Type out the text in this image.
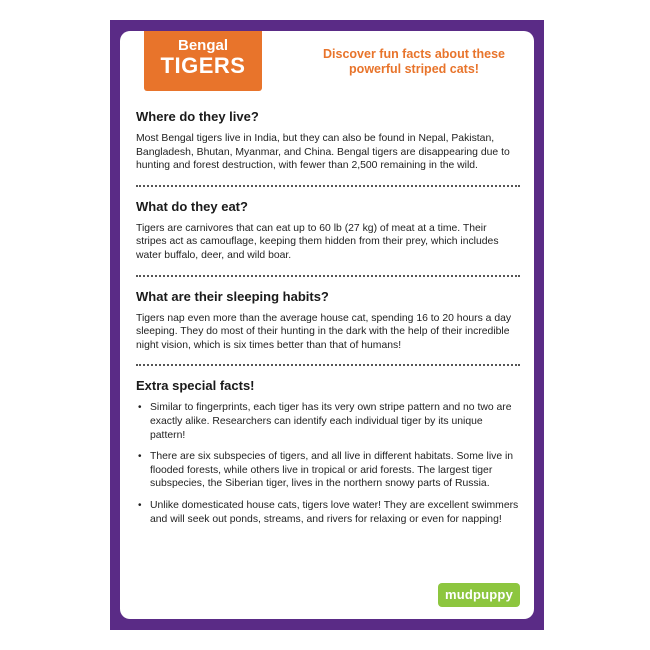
Bengal
TIGERS	Discover fun facts about these powerful striped cats!
Where do they live?

Most Bengal tigers live in India, but they can also be found in Nepal, Pakistan, Bangladesh, Bhutan, Myanmar, and China. Bengal tigers are disappearing due to hunting and forest destruction, with fewer than 2,500 remaining in the wild.

What do they eat?

Tigers are carnivores that can eat up to 60 lb (27 kg) of meat at a time. Their stripes act as camouflage, keeping them hidden from their prey, which includes water buffalo, deer, and wild boar.

What are their sleeping habits?

Tigers nap even more than the average house cat, spending 16 to 20 hours a day sleeping. They do most of their hunting in the dark with the help of their incredible night vision, which is six times better than that of humans!

Extra special facts!
• Similar to fingerprints, each tiger has its very own stripe pattern and no two are exactly alike. Researchers can identify each individual tiger by its unique pattern!
• There are six subspecies of tigers, and all live in different habitats. Some live in flooded forests, while others live in tropical or arid forests. The largest tiger subspecies, the Siberian tiger, lives in the northern snowy parts of Russia.
• Unlike domesticated house cats, tigers love water! They are excellent swimmers and will seek out ponds, streams, and rivers for relaxing or even for napping!
mudpuppy
